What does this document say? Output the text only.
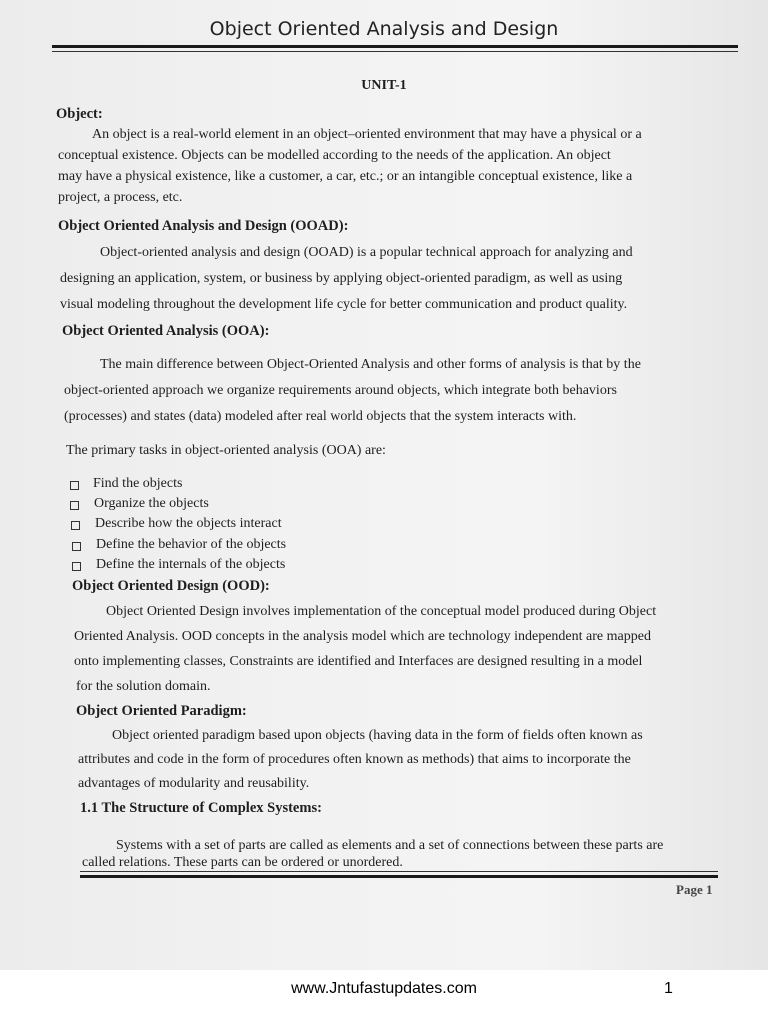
Object Oriented Analysis and Design
UNIT-1
Object:
An object is a real-world element in an object–oriented environment that may have a physical or a
conceptual existence. Objects can be modelled according to the needs of the application. An object
may have a physical existence, like a customer, a car, etc.; or an intangible conceptual existence, like a
project, a process, etc.
Object Oriented Analysis and Design (OOAD):
Object-oriented analysis and design (OOAD) is a popular technical approach for analyzing and
designing an application, system, or business by applying object-oriented paradigm, as well as using
visual modeling throughout the development life cycle for better communication and product quality.
Object Oriented Analysis (OOA):
The main difference between Object-Oriented Analysis and other forms of analysis is that by the
object-oriented approach we organize requirements around objects, which integrate both behaviors
(processes) and states (data) modeled after real world objects that the system interacts with.
The primary tasks in object-oriented analysis (OOA) are:
Find the objects
Organize the objects
Describe how the objects interact
Define the behavior of the objects
Define the internals of the objects
Object Oriented Design (OOD):
Object Oriented Design involves implementation of the conceptual model produced during Object
Oriented Analysis. OOD concepts in the analysis model which are technology independent are mapped
onto implementing classes, Constraints are identified and Interfaces are designed resulting in a model
for the solution domain.
Object Oriented Paradigm:
Object oriented paradigm based upon objects (having data in the form of fields often known as
attributes and code in the form of procedures often known as methods) that aims to incorporate the
advantages of modularity and reusability.
1.1 The Structure of Complex Systems:
Systems with a set of parts are called as elements and a set of connections between these parts are
called relations. These parts can be ordered or unordered.
Page 1
www.Jntufastupdates.com	1
